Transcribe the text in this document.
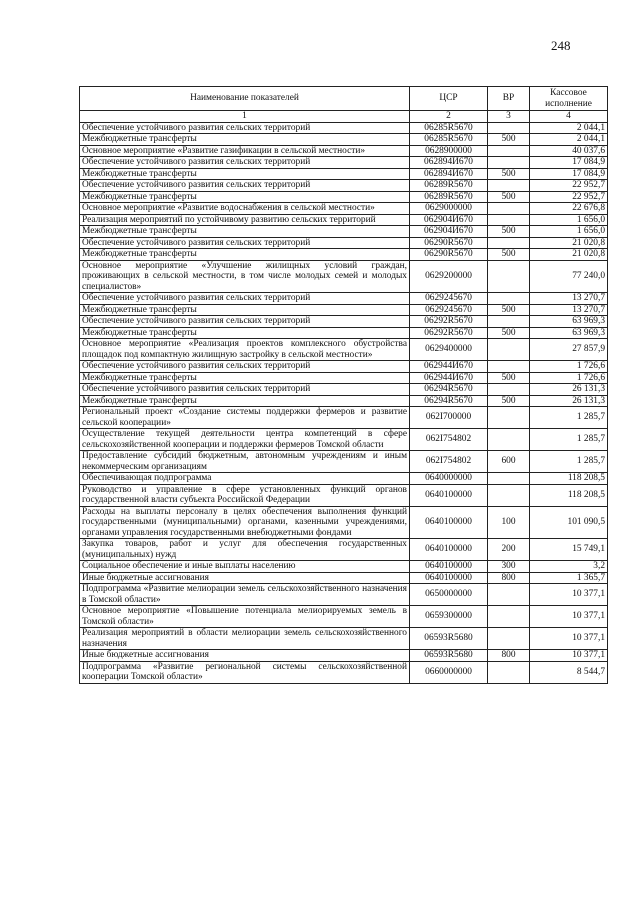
248
Наименование показателей	ЦСР	ВР	Кассовое исполнение
1	2	3	4
Обеспечение устойчивого развития сельских территорий	06285R5670		2 044,1
Межбюджетные трансферты	06285R5670	500	2 044,1
Основное мероприятие «Развитие газификации в сельской местности»	0628900000		40 037,6
Обеспечение устойчивого развития сельских территорий	062894И670		17 084,9
Межбюджетные трансферты	062894И670	500	17 084,9
Обеспечение устойчивого развития сельских территорий	06289R5670		22 952,7
Межбюджетные трансферты	06289R5670	500	22 952,7
Основное мероприятие «Развитие водоснабжения в сельской местности»	0629000000		22 676,8
Реализация мероприятий по устойчивому развитию сельских территорий	062904И670		1 656,0
Межбюджетные трансферты	062904И670	500	1 656,0
Обеспечение устойчивого развития сельских территорий	06290R5670		21 020,8
Межбюджетные трансферты	06290R5670	500	21 020,8
Основное мероприятие «Улучшение жилищных условий граждан, проживающих в сельской местности, в том числе молодых семей и молодых специалистов»	0629200000		77 240,0
Обеспечение устойчивого развития сельских территорий	0629245670		13 270,7
Межбюджетные трансферты	0629245670	500	13 270,7
Обеспечение устойчивого развития сельских территорий	06292R5670		63 969,3
Межбюджетные трансферты	06292R5670	500	63 969,3
Основное мероприятие «Реализация проектов комплексного обустройства площадок под компактную жилищную застройку в сельской местности»	0629400000		27 857,9
Обеспечение устойчивого развития сельских территорий	062944И670		1 726,6
Межбюджетные трансферты	062944И670	500	1 726,6
Обеспечение устойчивого развития сельских территорий	06294R5670		26 131,3
Межбюджетные трансферты	06294R5670	500	26 131,3
Региональный проект «Создание системы поддержки фермеров и развитие сельской кооперации»	062I700000		1 285,7
Осуществление текущей деятельности центра компетенций в сфере сельскохозяйственной кооперации и поддержки фермеров Томской области	062I754802		1 285,7
Предоставление субсидий бюджетным, автономным учреждениям и иным некоммерческим организациям	062I754802	600	1 285,7
Обеспечивающая подпрограмма	0640000000		118 208,5
Руководство и управление в сфере установленных функций органов государственной власти субъекта Российской Федерации	0640100000		118 208,5
Расходы на выплаты персоналу в целях обеспечения выполнения функций государственными (муниципальными) органами, казенными учреждениями, органами управления государственными внебюджетными фондами	0640100000	100	101 090,5
Закупка товаров, работ и услуг для обеспечения государственных (муниципальных) нужд	0640100000	200	15 749,1
Социальное обеспечение и иные выплаты населению	0640100000	300	3,2
Иные бюджетные ассигнования	0640100000	800	1 365,7
Подпрограмма «Развитие мелиорации земель сельскохозяйственного назначения в Томской области»	0650000000		10 377,1
Основное мероприятие «Повышение потенциала мелиорируемых земель в Томской области»	0659300000		10 377,1
Реализация мероприятий в области мелиорации земель сельскохозяйственного назначения	06593R5680		10 377,1
Иные бюджетные ассигнования	06593R5680	800	10 377,1
Подпрограмма «Развитие региональной системы сельскохозяйственной кооперации Томской области»	0660000000		8 544,7
